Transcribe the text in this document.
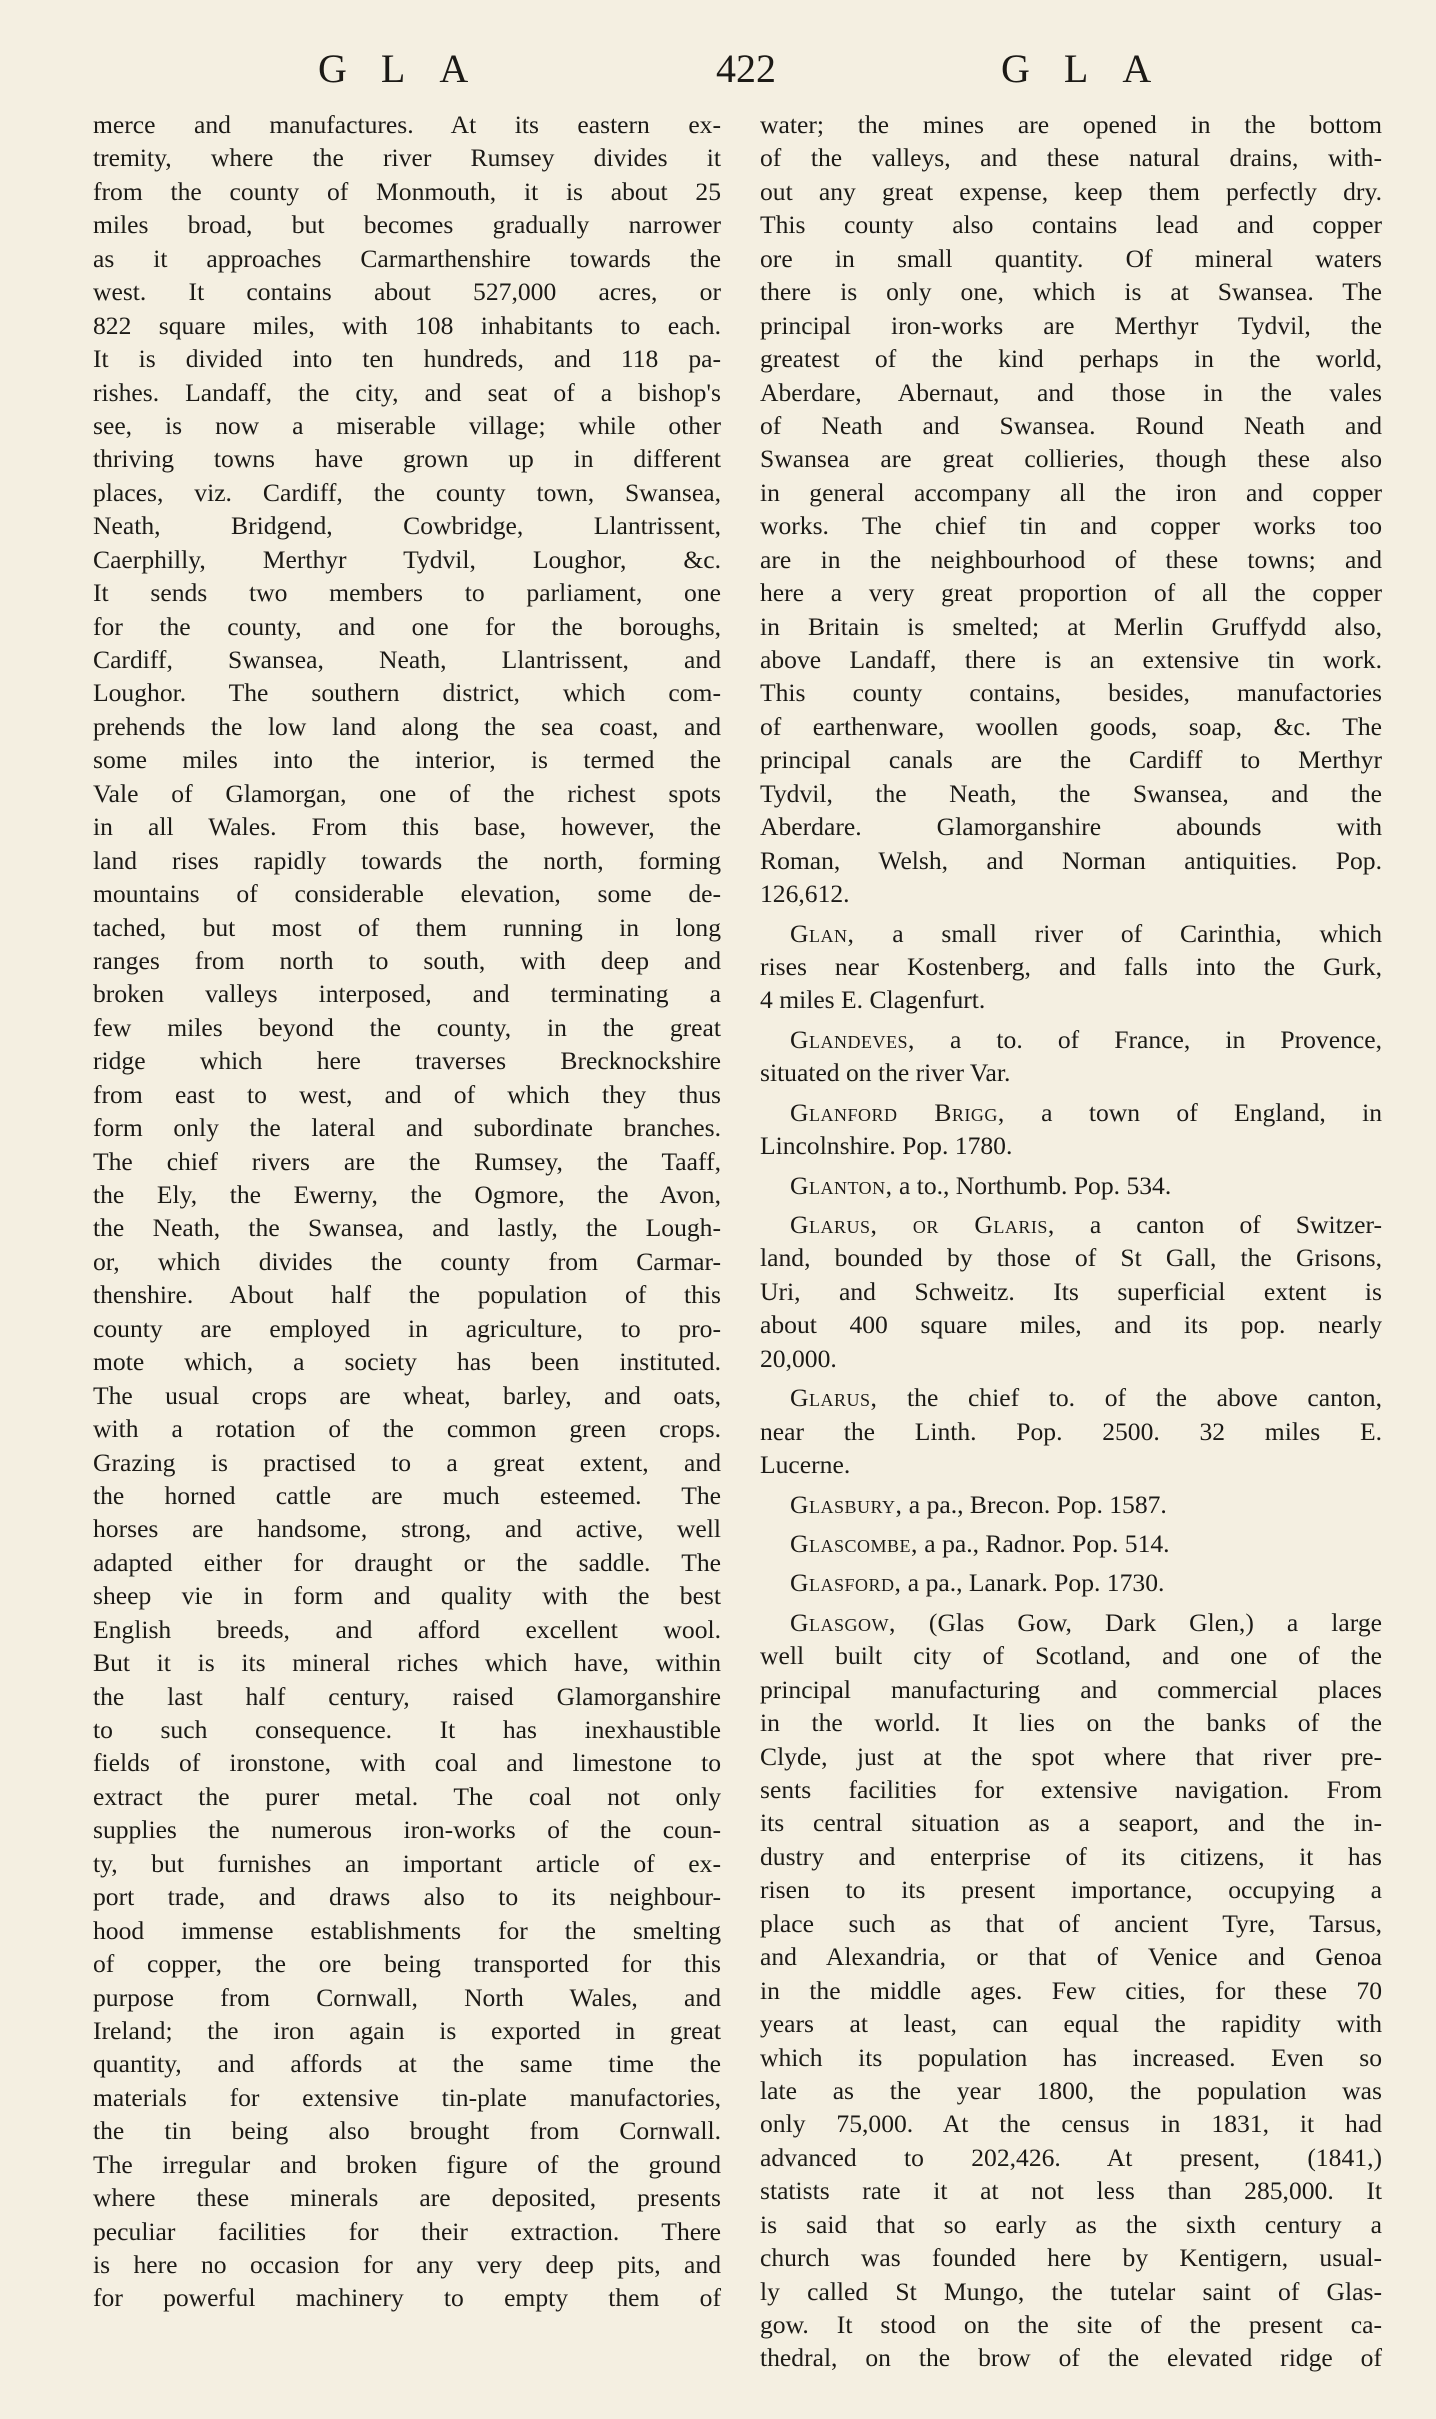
GLA	422	GLA
merce and manufactures. At its eastern ex-
tremity, where the river Rumsey divides it
from the county of Monmouth, it is about 25
miles broad, but becomes gradually narrower
as it approaches Carmarthenshire towards the
west. It contains about 527,000 acres, or
822 square miles, with 108 inhabitants to each.
It is divided into ten hundreds, and 118 pa-
rishes. Landaff, the city, and seat of a bishop's
see, is now a miserable village; while other
thriving towns have grown up in different
places, viz. Cardiff, the county town, Swansea,
Neath, Bridgend, Cowbridge, Llantrissent,
Caerphilly, Merthyr Tydvil, Loughor, &c.
It sends two members to parliament, one
for the county, and one for the boroughs,
Cardiff, Swansea, Neath, Llantrissent, and
Loughor. The southern district, which com-
prehends the low land along the sea coast, and
some miles into the interior, is termed the
Vale of Glamorgan, one of the richest spots
in all Wales. From this base, however, the
land rises rapidly towards the north, forming
mountains of considerable elevation, some de-
tached, but most of them running in long
ranges from north to south, with deep and
broken valleys interposed, and terminating a
few miles beyond the county, in the great
ridge which here traverses Brecknockshire
from east to west, and of which they thus
form only the lateral and subordinate branches.
The chief rivers are the Rumsey, the Taaff,
the Ely, the Ewerny, the Ogmore, the Avon,
the Neath, the Swansea, and lastly, the Lough-
or, which divides the county from Carmar-
thenshire. About half the population of this
county are employed in agriculture, to pro-
mote which, a society has been instituted.
The usual crops are wheat, barley, and oats,
with a rotation of the common green crops.
Grazing is practised to a great extent, and
the horned cattle are much esteemed. The
horses are handsome, strong, and active, well
adapted either for draught or the saddle. The
sheep vie in form and quality with the best
English breeds, and afford excellent wool.
But it is its mineral riches which have, within
the last half century, raised Glamorganshire
to such consequence. It has inexhaustible
fields of ironstone, with coal and limestone to
extract the purer metal. The coal not only
supplies the numerous iron-works of the coun-
ty, but furnishes an important article of ex-
port trade, and draws also to its neighbour-
hood immense establishments for the smelting
of copper, the ore being transported for this
purpose from Cornwall, North Wales, and
Ireland; the iron again is exported in great
quantity, and affords at the same time the
materials for extensive tin-plate manufactories,
the tin being also brought from Cornwall.
The irregular and broken figure of the ground
where these minerals are deposited, presents
peculiar facilities for their extraction. There
is here no occasion for any very deep pits, and
for powerful machinery to empty them of
water; the mines are opened in the bottom
of the valleys, and these natural drains, with-
out any great expense, keep them perfectly dry.
This county also contains lead and copper
ore in small quantity. Of mineral waters
there is only one, which is at Swansea. The
principal iron-works are Merthyr Tydvil, the
greatest of the kind perhaps in the world,
Aberdare, Abernaut, and those in the vales
of Neath and Swansea. Round Neath and
Swansea are great collieries, though these also
in general accompany all the iron and copper
works. The chief tin and copper works too
are in the neighbourhood of these towns; and
here a very great proportion of all the copper
in Britain is smelted; at Merlin Gruffydd also,
above Landaff, there is an extensive tin work.
This county contains, besides, manufactories
of earthenware, woollen goods, soap, &c. The
principal canals are the Cardiff to Merthyr
Tydvil, the Neath, the Swansea, and the
Aberdare. Glamorganshire abounds with
Roman, Welsh, and Norman antiquities. Pop.
126,612.
Glan, a small river of Carinthia, which
rises near Kostenberg, and falls into the Gurk,
4 miles E. Clagenfurt.
Glandeves, a to. of France, in Provence,
situated on the river Var.
Glanford Brigg, a town of England, in
Lincolnshire. Pop. 1780.
Glanton, a to., Northumb. Pop. 534.
Glarus, or Glaris, a canton of Switzer-
land, bounded by those of St Gall, the Grisons,
Uri, and Schweitz. Its superficial extent is
about 400 square miles, and its pop. nearly
20,000.
Glarus, the chief to. of the above canton,
near the Linth. Pop. 2500. 32 miles E.
Lucerne.
Glasbury, a pa., Brecon. Pop. 1587.
Glascombe, a pa., Radnor. Pop. 514.
Glasford, a pa., Lanark. Pop. 1730.
Glasgow, (Glas Gow, Dark Glen,) a large
well built city of Scotland, and one of the
principal manufacturing and commercial places
in the world. It lies on the banks of the
Clyde, just at the spot where that river pre-
sents facilities for extensive navigation. From
its central situation as a seaport, and the in-
dustry and enterprise of its citizens, it has
risen to its present importance, occupying a
place such as that of ancient Tyre, Tarsus,
and Alexandria, or that of Venice and Genoa
in the middle ages. Few cities, for these 70
years at least, can equal the rapidity with
which its population has increased. Even so
late as the year 1800, the population was
only 75,000. At the census in 1831, it had
advanced to 202,426. At present, (1841,)
statists rate it at not less than 285,000. It
is said that so early as the sixth century a
church was founded here by Kentigern, usual-
ly called St Mungo, the tutelar saint of Glas-
gow. It stood on the site of the present ca-
thedral, on the brow of the elevated ridge of
